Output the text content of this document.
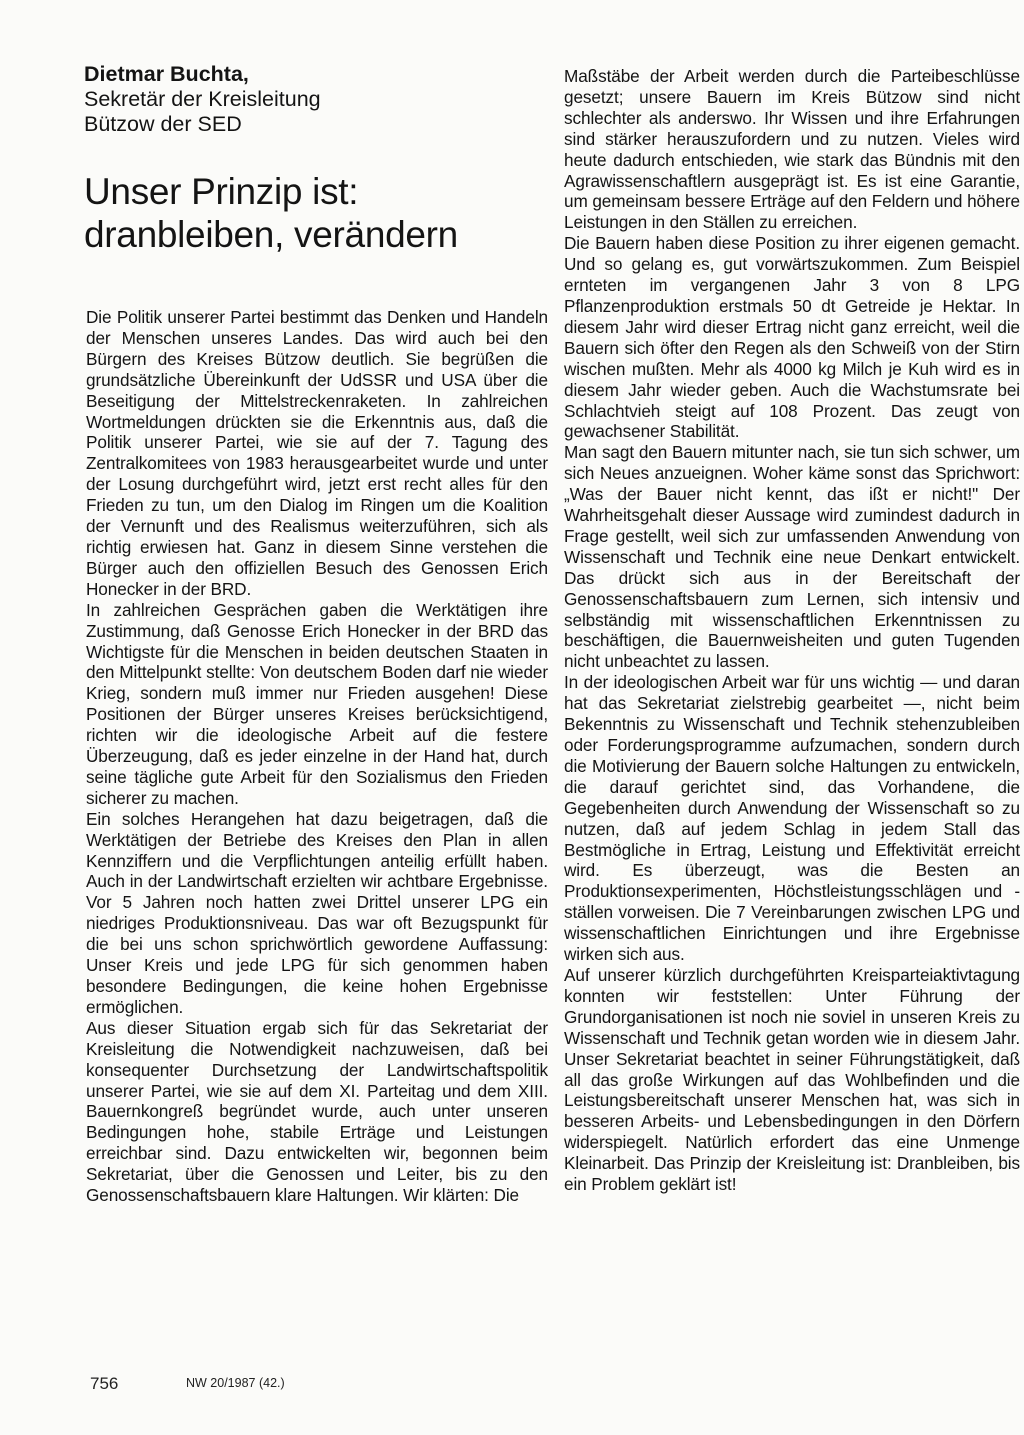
Dietmar Buchta,
Sekretär der Kreisleitung
Bützow der SED
Unser Prinzip ist:
dranbleiben, verändern

Die Politik unserer Partei bestimmt das Denken und Handeln der Menschen unseres Landes. Das wird auch bei den Bürgern des Kreises Bützow deutlich. Sie begrüßen die grundsätzliche Übereinkunft der UdSSR und USA über die Beseitigung der Mittelstreckenraketen. In zahlreichen Wortmeldungen drückten sie die Erkenntnis aus, daß die Politik unserer Partei, wie sie auf der 7. Tagung des Zentralkomitees von 1983 herausgearbeitet wurde und unter der Losung durchgeführt wird, jetzt erst recht alles für den Frieden zu tun, um den Dialog im Ringen um die Koalition der Vernunft und des Realismus weiterzuführen, sich als richtig erwiesen hat. Ganz in diesem Sinne verstehen die Bürger auch den offiziellen Besuch des Genossen Erich Honecker in der BRD.

In zahlreichen Gesprächen gaben die Werktätigen ihre Zustimmung, daß Genosse Erich Honecker in der BRD das Wichtigste für die Menschen in beiden deutschen Staaten in den Mittelpunkt stellte: Von deutschem Boden darf nie wieder Krieg, sondern muß immer nur Frieden ausgehen! Diese Positionen der Bürger unseres Kreises berücksichtigend, richten wir die ideologische Arbeit auf die festere Überzeugung, daß es jeder einzelne in der Hand hat, durch seine tägliche gute Arbeit für den Sozialismus den Frieden sicherer zu machen.

Ein solches Herangehen hat dazu beigetragen, daß die Werktätigen der Betriebe des Kreises den Plan in allen Kennziffern und die Verpflichtungen anteilig erfüllt haben. Auch in der Landwirtschaft erzielten wir achtbare Ergebnisse. Vor 5 Jahren noch hatten zwei Drittel unserer LPG ein niedriges Produktionsniveau. Das war oft Bezugspunkt für die bei uns schon sprichwörtlich gewordene Auffassung: Unser Kreis und jede LPG für sich genommen haben besondere Bedingungen, die keine hohen Ergebnisse ermöglichen.

Aus dieser Situation ergab sich für das Sekretariat der Kreisleitung die Notwendigkeit nachzuweisen, daß bei konsequenter Durchsetzung der Landwirtschaftspolitik unserer Partei, wie sie auf dem XI. Parteitag und dem XIII. Bauernkongreß begründet wurde, auch unter unseren Bedingungen hohe, stabile Erträge und Leistungen erreichbar sind. Dazu entwickelten wir, begonnen beim Sekretariat, über die Genossen und Leiter, bis zu den Genossenschaftsbauern klare Haltungen. Wir klärten: Die

Maßstäbe der Arbeit werden durch die Parteibeschlüsse gesetzt; unsere Bauern im Kreis Bützow sind nicht schlechter als anderswo. Ihr Wissen und ihre Erfahrungen sind stärker herauszufordern und zu nutzen. Vieles wird heute dadurch entschieden, wie stark das Bündnis mit den Agrawissenschaftlern ausgeprägt ist. Es ist eine Garantie, um gemeinsam bessere Erträge auf den Feldern und höhere Leistungen in den Ställen zu erreichen.

Die Bauern haben diese Position zu ihrer eigenen gemacht. Und so gelang es, gut vorwärtszukommen. Zum Beispiel ernteten im vergangenen Jahr 3 von 8 LPG Pflanzenproduktion erstmals 50 dt Getreide je Hektar. In diesem Jahr wird dieser Ertrag nicht ganz erreicht, weil die Bauern sich öfter den Regen als den Schweiß von der Stirn wischen mußten. Mehr als 4000 kg Milch je Kuh wird es in diesem Jahr wieder geben. Auch die Wachstumsrate bei Schlachtvieh steigt auf 108 Prozent. Das zeugt von gewachsener Stabilität.

Man sagt den Bauern mitunter nach, sie tun sich schwer, um sich Neues anzueignen. Woher käme sonst das Sprichwort: „Was der Bauer nicht kennt, das ißt er nicht!" Der Wahrheitsgehalt dieser Aussage wird zumindest dadurch in Frage gestellt, weil sich zur umfassenden Anwendung von Wissenschaft und Technik eine neue Denkart entwickelt. Das drückt sich aus in der Bereitschaft der Genossenschaftsbauern zum Lernen, sich intensiv und selbständig mit wissenschaftlichen Erkenntnissen zu beschäftigen, die Bauernweisheiten und guten Tugenden nicht unbeachtet zu lassen.

In der ideologischen Arbeit war für uns wichtig — und daran hat das Sekretariat zielstrebig gearbeitet —, nicht beim Bekenntnis zu Wissenschaft und Technik stehenzubleiben oder Forderungsprogramme aufzumachen, sondern durch die Motivierung der Bauern solche Haltungen zu entwickeln, die darauf gerichtet sind, das Vorhandene, die Gegebenheiten durch Anwendung der Wissenschaft so zu nutzen, daß auf jedem Schlag in jedem Stall das Bestmögliche in Ertrag, Leistung und Effektivität erreicht wird. Es überzeugt, was die Besten an Produktionsexperimenten, Höchstleistungsschlägen und -ställen vorweisen. Die 7 Vereinbarungen zwischen LPG und wissenschaftlichen Einrichtungen und ihre Ergebnisse wirken sich aus.

Auf unserer kürzlich durchgeführten Kreisparteiaktivtagung konnten wir feststellen: Unter Führung der Grundorganisationen ist noch nie soviel in unseren Kreis zu Wissenschaft und Technik getan worden wie in diesem Jahr. Unser Sekretariat beachtet in seiner Führungstätigkeit, daß all das große Wirkungen auf das Wohlbefinden und die Leistungsbereitschaft unserer Menschen hat, was sich in besseren Arbeits- und Lebensbedingungen in den Dörfern widerspiegelt. Natürlich erfordert das eine Unmenge Kleinarbeit. Das Prinzip der Kreisleitung ist: Dranbleiben, bis ein Problem geklärt ist!

756	NW 20/1987 (42.)
